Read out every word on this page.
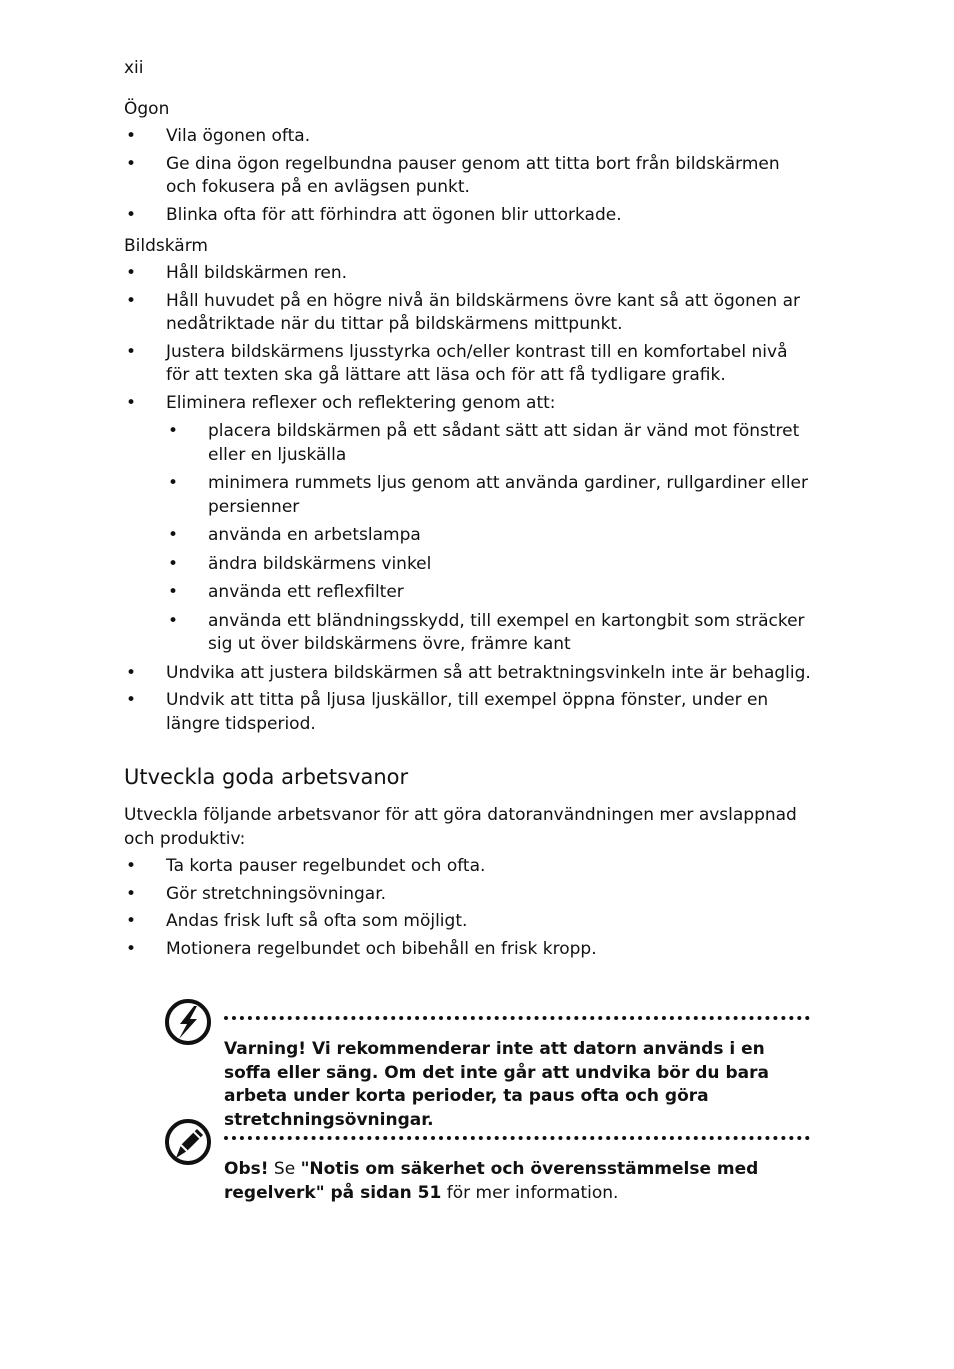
xii
Ögon
• Vila ögonen ofta.
• Ge dina ögon regelbundna pauser genom att titta bort från bildskärmen och fokusera på en avlägsen punkt.
• Blinka ofta för att förhindra att ögonen blir uttorkade.
Bildskärm
• Håll bildskärmen ren.
• Håll huvudet på en högre nivå än bildskärmens övre kant så att ögonen ar nedåtriktade när du tittar på bildskärmens mittpunkt.
• Justera bildskärmens ljusstyrka och/eller kontrast till en komfortabel nivå för att texten ska gå lättare att läsa och för att få tydligare grafik.
• Eliminera reflexer och reflektering genom att:
• placera bildskärmen på ett sådant sätt att sidan är vänd mot fönstret eller en ljuskälla
• minimera rummets ljus genom att använda gardiner, rullgardiner eller persienner
• använda en arbetslampa
• ändra bildskärmens vinkel
• använda ett reflexfilter
• använda ett bländningsskydd, till exempel en kartongbit som sträcker sig ut över bildskärmens övre, främre kant
• Undvika att justera bildskärmen så att betraktningsvinkeln inte är behaglig.
• Undvik att titta på ljusa ljuskällor, till exempel öppna fönster, under en längre tidsperiod.
Utveckla goda arbetsvanor
Utveckla följande arbetsvanor för att göra datoranvändningen mer avslappnad och produktiv:
• Ta korta pauser regelbundet och ofta.
• Gör stretchningsövningar.
• Andas frisk luft så ofta som möjligt.
• Motionera regelbundet och bibehåll en frisk kropp.
Varning! Vi rekommenderar inte att datorn används i en soffa eller säng. Om det inte går att undvika bör du bara arbeta under korta perioder, ta paus ofta och göra stretchningsövningar.
Obs! Se "Notis om säkerhet och överensstämmelse med regelverk" på sidan 51 för mer information.
